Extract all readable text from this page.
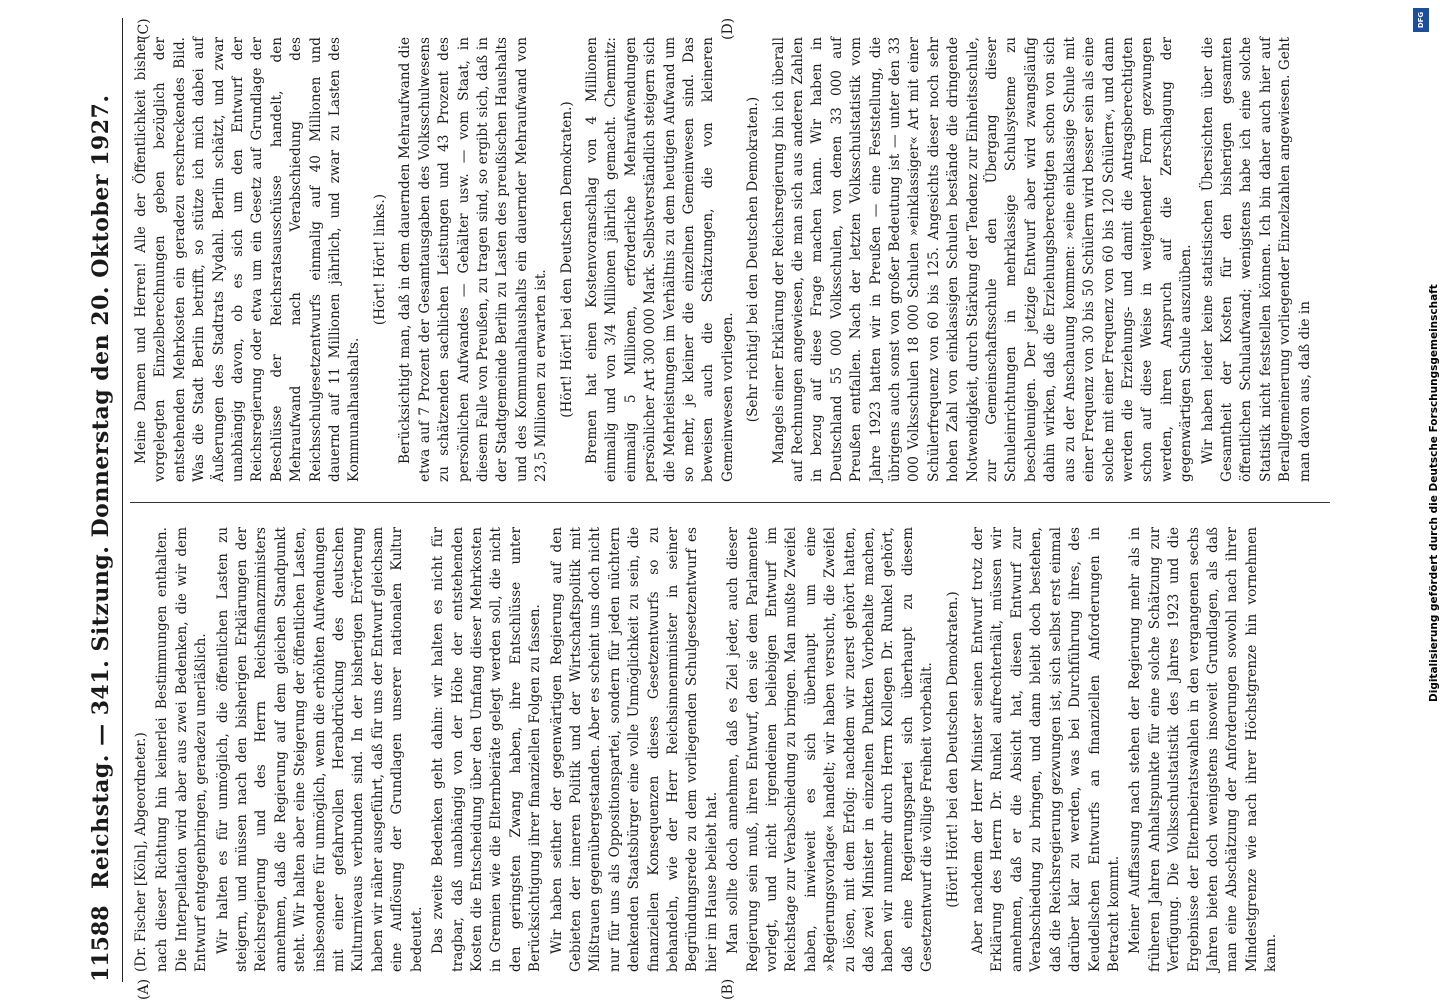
11588
Reichstag. — 341. Sitzung. Donnerstag den 20. Oktober 1927. (Dr. Fischer [Köln], Abgeordneter.) nach dieser Richtung hin keinerlei Bestimmungen enthalten. Die Interpellation wird aber aus zwei Bedenken, die wir dem Entwurf entgegenbringen, geradezu unerläßlich. Wir halten es für unmöglich, die öffentlichen Lasten zu steigern, und müssen nach den bisherigen Erklärungen der Reichsregierung und des Herrn Reichsfinanzministers annehmen, daß die Regierung auf dem gleichen Standpunkt steht. Wir halten aber eine Steigerung der öffentlichen Lasten, insbesondere für unmöglich, wenn die erhöhten Aufwendungen mit einer gefahrvollen Herabdrückung des deutschen Kulturniveaus verbunden sind. In der bisherigen Erörterung haben wir näher ausgeführt, daß für uns der Entwurf gleichsam eine Auflösung der Grundlagen unserer nationalen Kultur bedeutet. Das zweite Bedenken geht dahin: wir halten es nicht für tragbar, daß unabhängig von der Höhe der entstehenden Kosten die Entscheidung über den Umfang dieser Mehrkosten in Gremien wie die Elternbeiräte gelegt werden soll, die nicht den geringsten Zwang haben, ihre Entschlüsse unter Berücksichtigung ihrer finanziellen Folgen zu fassen. Wir haben seither der gegenwärtigen Regierung auf den Gebieten der inneren Politik und der Wirtschaftspolitik mit Mißtrauen gegenübergestanden. Aber es scheint uns doch nicht nur für uns als Oppositionspartei, sondern für jeden nüchtern denkenden Staatsbürger eine volle Unmöglichkeit zu sein, die finanziellen Konsequenzen dieses Gesetzentwurfs so zu behandeln, wie der Herr Reichsinnenminister in seiner Begründungsrede zu dem vorliegenden Schulgesetzentwurf es hier im Hause beliebt hat. Man sollte doch annehmen, daß es Ziel jeder, auch dieser Regierung sein muß, ihren Entwurf, den sie dem Parlamente vorlegt, und nicht irgendeinen beliebigen Entwurf im Reichstage zur Verabschiedung zu bringen. Man mußte Zweifel haben, inwieweit es sich überhaupt um eine »Regierungsvorlage« handelt; wir haben versucht, die Zweifel zu lösen, mit dem Erfolg: nachdem wir zuerst gehört hatten, daß zwei Minister in einzelnen Punkten Vorbehalte machen, haben wir nunmehr durch Herrn Kollegen Dr. Runkel gehört, daß eine Regierungspartei sich überhaupt zu diesem Gesetzentwurf die völlige Freiheit vorbehält. (Hört! Hört! bei den Deutschen Demokraten.) Aber nachdem der Herr Minister seinen Entwurf trotz der Erklärung des Herrn Dr. Runkel aufrechterhält, müssen wir annehmen, daß er die Absicht hat, diesen Entwurf zur Verabschiedung zu bringen, und dann bleibt doch bestehen, daß die Reichsregierung gezwungen ist, sich selbst erst einmal darüber klar zu werden, was bei Durchführung ihres, des Keudellschen Entwurfs an finanziellen Anforderungen in Betracht kommt. Meiner Auffassung nach stehen der Regierung mehr als in früheren Jahren Anhaltspunkte für eine solche Schätzung zur Verfügung. Die Volksschulstatistik des Jahres 1923 und die Ergebnisse der Elternbeiratswahlen in den vergangenen sechs Jahren bieten doch wenigstens insoweit Grundlagen, als daß man eine Abschätzung der Anforderungen sowohl nach ihrer Mindestgrenze wie nach ihrer Höchstgrenze hin vornehmen kann.

Meine Damen und Herren! Alle der Öffentlichkeit bisher vorgelegten Einzelberechnungen geben bezüglich der entstehenden Mehrkosten ein geradezu erschreckendes Bild. Was die Stadt Berlin betrifft, so stütze ich mich dabei auf Äußerungen des Stadtrats Nydahl. Berlin schätzt, und zwar unabhängig davon, ob es sich um den Entwurf der Reichsregierung oder etwa um ein Gesetz auf Grundlage der Beschlüsse der Reichsratsausschüsse handelt, den Mehraufwand nach Verabschiedung des Reichsschulgesetzentwurfs einmalig auf 40 Millionen und dauernd auf 11 Millionen jährlich, und zwar zu Lasten des Kommunalhaushalts.

(Hört! Hört! links.) Berücksichtigt man, daß in dem dauernden Mehraufwand die etwa auf 7 Prozent der Gesamtausgaben des Volksschulwesens zu schätzenden sachlichen Leistungen und 43 Prozent des persönlichen Aufwandes — Gehälter usw. — vom Staat, in diesem Falle von Preußen, zu tragen sind, so ergibt sich, daß in der Stadtgemeinde Berlin zu Lasten des preußischen Haushalts und des Kommunalhaushalts ein dauernder Mehraufwand von 23,5 Millionen zu erwarten ist. (Hört! Hört! bei den Deutschen Demokraten.) Bremen hat einen Kostenvoranschlag von 4 Millionen einmalig und von 3/4 Millionen jährlich gemacht. Chemnitz: einmalig 5 Millionen, erforderliche Mehraufwendungen persönlicher Art 300 000 Mark. Selbstverständlich steigern sich die Mehrleistungen im Verhältnis zu dem heutigen Aufwand um so mehr, je kleiner die einzelnen Gemeinwesen sind. Das beweisen auch die Schätzungen, die von kleineren Gemeinwesen vorliegen. (Sehr richtig! bei den Deutschen Demokraten.) Mangels einer Erklärung der Reichsregierung bin ich überall auf Rechnungen angewiesen, die man sich aus anderen Zahlen in bezug auf diese Frage machen kann. Wir haben in Deutschland 55 000 Volksschulen, von denen 33 000 auf Preußen entfallen. Nach der letzten Volksschulstatistik vom Jahre 1923 hatten wir in Preußen — eine Feststellung, die übrigens auch sonst von großer Bedeutung ist — unter den 33 000 Volksschulen 18 000 Schulen »einklassiger« Art mit einer Schülerfrequenz von 60 bis 125. Angesichts dieser noch sehr hohen Zahl von einklassigen Schulen bestände die dringende Notwendigkeit, durch Stärkung der Tendenz zur Einheitsschule, zur Gemeinschaftsschule den Übergang dieser Schuleinrichtungen in mehrklassige Schulsysteme zu beschleunigen. Der jetzige Entwurf aber wird zwangsläufig dahin wirken, daß die Erziehungsberechtigten schon von sich aus zu der Anschauung kommen: »eine einklassige Schule mit einer Frequenz von 30 bis 50 Schülern wird besser sein als eine solche mit einer Frequenz von 60 bis 120 Schülern«, und dann werden die Erziehungs- und damit die Antragsberechtigten schon auf diese Weise in weitgehender Form gezwungen werden, ihren Anspruch auf die Zerschlagung der gegenwärtigen Schule auszuüben. Wir haben leider keine statistischen Übersichten über die Gesamtheit der Kosten für den bisherigen gesamten öffentlichen Schulaufwand; wenigstens habe ich eine solche Statistik nicht feststellen können. Ich bin daher auch hier auf Berallgemeinerung vorliegender Einzelzahlen angewiesen. Geht man davon aus, daß die in

(A)	(B)
(C)	(D)	DFG
Digitalisierung gefördert durch die Deutsche Forschungsgemeinschaft
